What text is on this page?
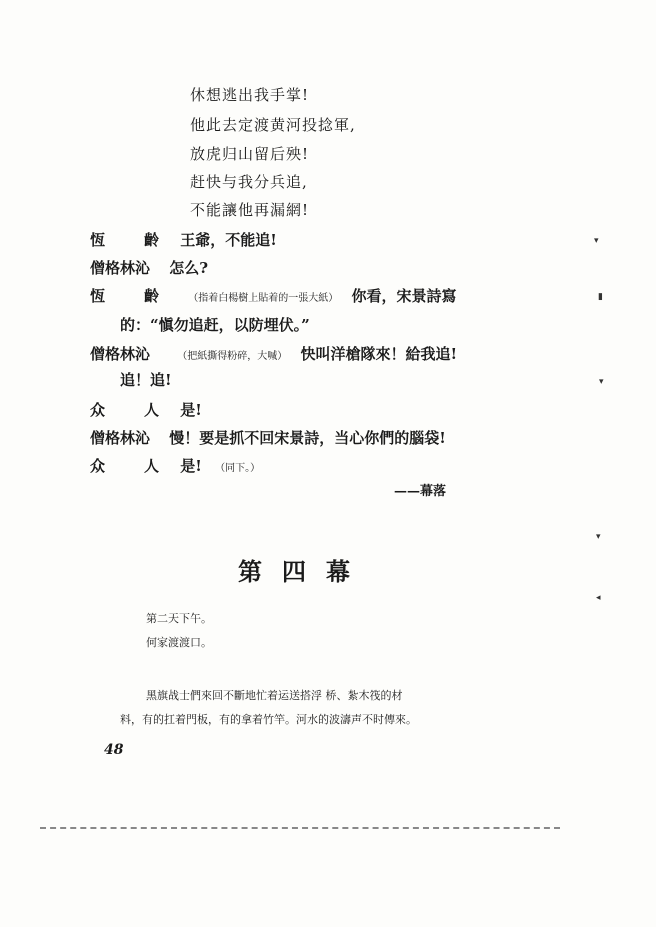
休想逃出我手掌!
他此去定渡黄河投捻軍,
放虎归山留后殃!
赶快与我分兵追,
不能讓他再漏網!
恆　齡 王爺，不能追!
僧格林沁 怎么?
恆　齡 （指着白楊樹上貼着的一張大紙） 你看，宋景詩寫
的：“愼勿追赶，以防埋伏。”
僧格林沁	（把紙撕得粉碎，大喊） 快叫洋槍隊來！給我追!
追！追!
众　人 是!
僧格林沁 慢！要是抓不回宋景詩，当心你們的腦袋!
众　人 是! （同下。）
——幕落
第四幕
第二天下午。
何家渡渡口。
黑旗战士們來回不斷地忙着运送搭浮 桥、紮木筏的材
料，有的扛着門板，有的拿着竹竿。河水的波濤声不时傳來。
48
▾
▮
▾
▾
◂
